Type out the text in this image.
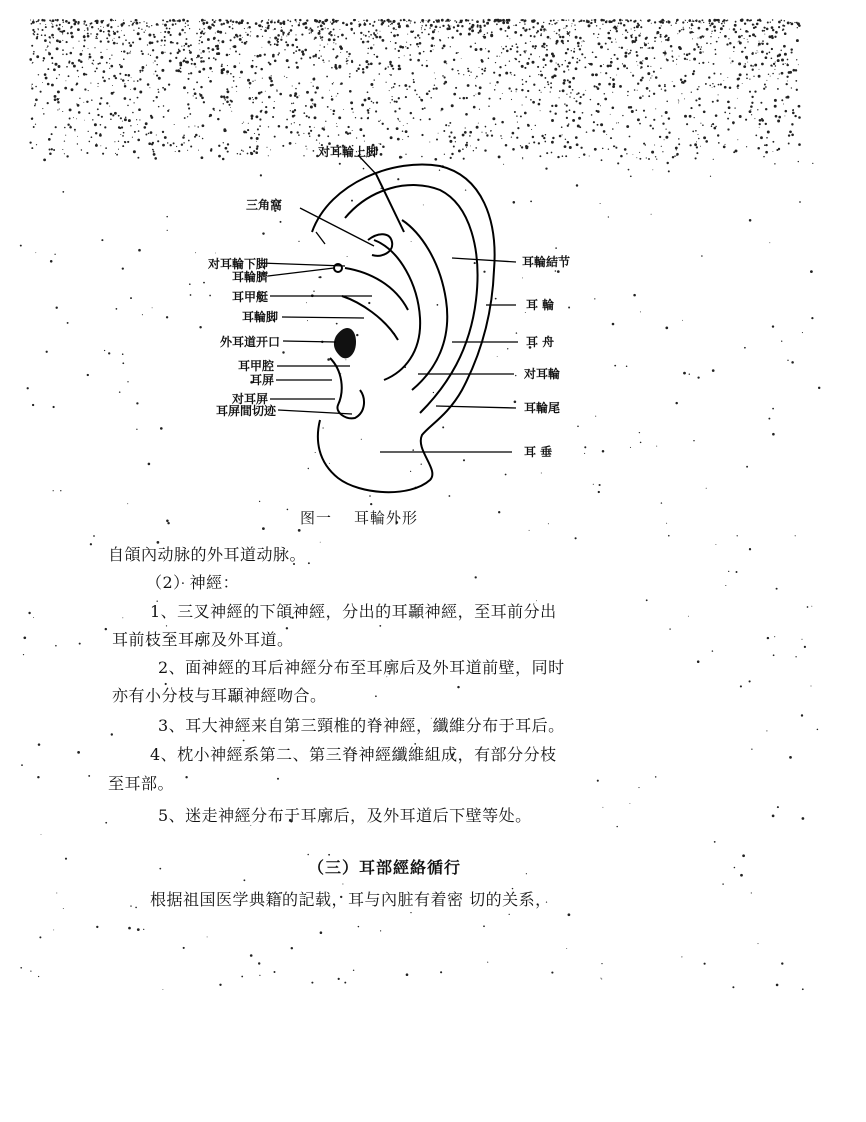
对耳輪上脚
三角窩
对耳輪下脚
耳輪臍
耳甲艇
耳輪脚
外耳道开口
耳甲腔
耳屏
对耳屏
耳屏間切迹
耳輪結节
耳 輪
耳 舟
对耳輪
耳輪尾
耳 垂
图一 耳輪外形
自頜內动脉的外耳道动脉。
（2）神經：
1、三叉神經的下頜神經，分出的耳顳神經，至耳前分出
耳前枝至耳廓及外耳道。
2、面神經的耳后神經分布至耳廓后及外耳道前壁，同时
亦有小分枝与耳顳神經吻合。
3、耳大神經来自第三頸椎的脊神經，纖維分布于耳后。
4、枕小神經系第二、第三脊神經纖維組成，有部分分枝
至耳部。
5、迷走神經分布于耳廓后，及外耳道后下壁等处。
（三）耳部經絡循行
根据祖国医学典籍的記载，耳与內脏有着密 切的关系，
